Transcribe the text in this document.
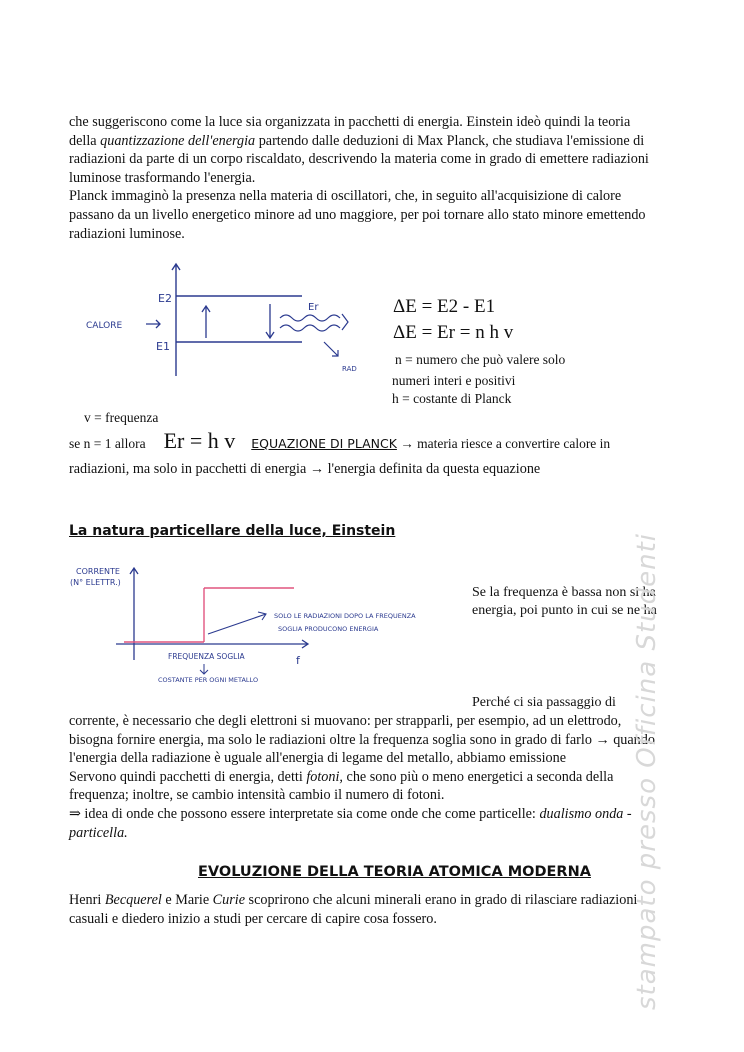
che suggeriscono come la luce sia organizzata in pacchetti di energia. Einstein ideò quindi la teoria
della quantizzazione dell'energia partendo dalle deduzioni di Max Planck, che studiava l'emissione di
radiazioni da parte di un corpo riscaldato, descrivendo la materia come in grado di emettere radiazioni
luminose trasformando l'energia.
Planck immaginò la presenza nella materia di oscillatori, che, in seguito all'acquisizione di calore
passano da un livello energetico minore ad uno maggiore, per poi tornare allo stato minore emettendo
radiazioni luminose.
CALORE
E2
E1
Er
RAD
ΔE = E2 - E1
ΔE = Er = n h v
n = numero che può valere solo
numeri interi e positivi
h = costante di Planck
v = frequenza
se n = 1 allora Er = h v EQUAZIONE DI PLANCK → materia riesce a convertire calore in
radiazioni, ma solo in pacchetti di energia → l'energia definita da questa equazione
La natura particellare della luce, Einstein
CORRENTE
(N° ELETTR.)
FREQUENZA SOGLIA
COSTANTE PER OGNI METALLO
f
SOLO LE RADIAZIONI DOPO LA FREQUENZA
SOGLIA PRODUCONO ENERGIA
Se la frequenza è bassa non si ha
energia, poi punto in cui se ne ha
Perché ci sia passaggio di
corrente, è necessario che degli elettroni si muovano: per strapparli, per esempio, ad un elettrodo,
bisogna fornire energia, ma solo le radiazioni oltre la frequenza soglia sono in grado di farlo → quando
l'energia della radiazione è uguale all'energia di legame del metallo, abbiamo emissione
Servono quindi pacchetti di energia, detti fotoni, che sono più o meno energetici a seconda della
frequenza; inoltre, se cambio intensità cambio il numero di fotoni.
⇒ idea di onde che possono essere interpretate sia come onde che come particelle: dualismo onda -
particella.
EVOLUZIONE DELLA TEORIA ATOMICA MODERNA
Henri Becquerel e Marie Curie scoprirono che alcuni minerali erano in grado di rilasciare radiazioni
casuali e diedero inizio a studi per cercare di capire cosa fossero.	stampato presso Officina Studenti
